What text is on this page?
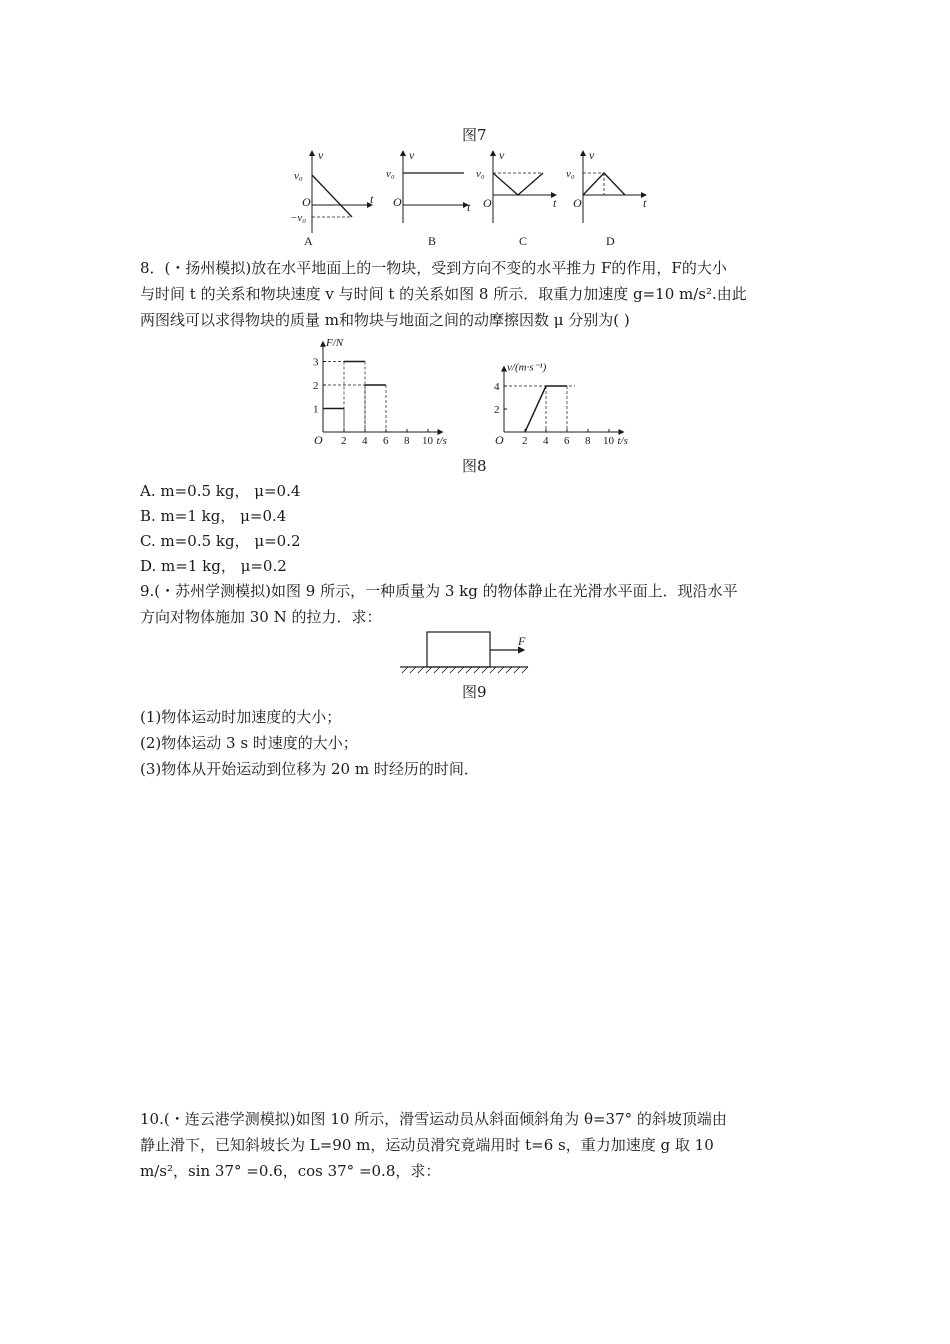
图7
v
v₀
−v₀
O	t
A
v
v₀
O	t
B
v
v₀
O	t
C
v
v₀
O	t
D
8．(・扬州模拟)放在水平地面上的一物块，受到方向不变的水平推力 F的作用，F的大小
与时间 t 的关系和物块速度 v 与时间 t 的关系如图 8 所示．取重力加速度 g=10 m/s².由此
两图线可以求得物块的质量 m和物块与地面之间的动摩擦因数 μ 分别为( )
O	t/s
F/N
2 4 6 8 10
1
2
3
O	t/s
v/(m·s⁻¹)
2 4 6 8 10
2
4
图8
A. m=0.5 kg， μ=0.4
B. m=1 kg， μ=0.4
C. m=0.5 kg， μ=0.2
D. m=1 kg， μ=0.2
9.(・苏州学测模拟)如图 9 所示，一种质量为 3 kg 的物体静止在光滑水平面上．现沿水平
方向对物体施加 30 N 的拉力．求：
F
图9
(1)物体运动时加速度的大小；
(2)物体运动 3 s 时速度的大小；
(3)物体从开始运动到位移为 20 m 时经历的时间．
10.(・连云港学测模拟)如图 10 所示，滑雪运动员从斜面倾斜角为 θ=37° 的斜坡顶端由
静止滑下，已知斜坡长为 L=90 m，运动员滑究竟端用时 t=6 s，重力加速度 g 取 10
m/s²，sin 37° =0.6，cos 37° =0.8，求：
